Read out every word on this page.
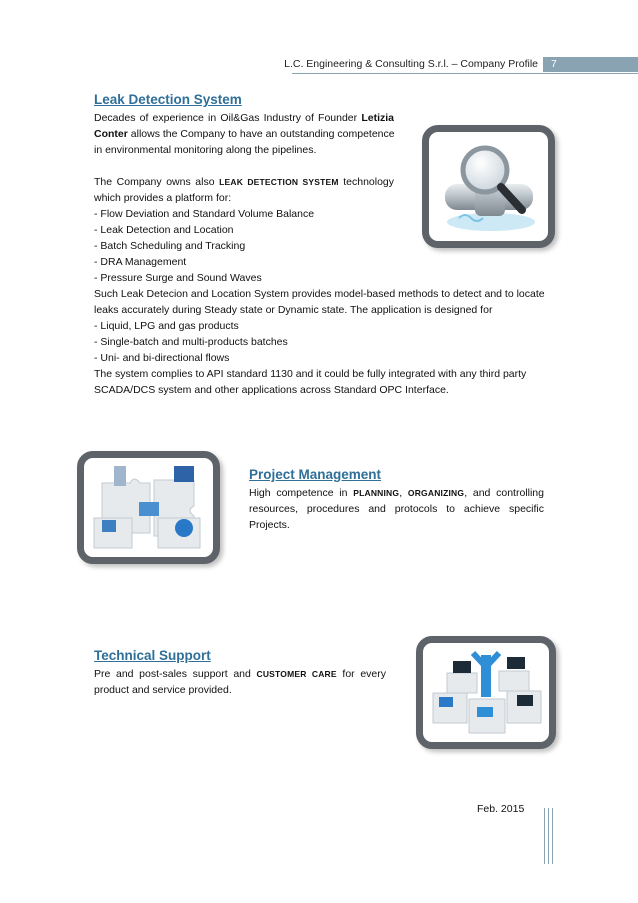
L.C. Engineering & Consulting S.r.l. – Company Profile	7
Leak Detection System
Decades of experience in Oil&Gas Industry of Founder Letizia
Conter allows the Company to have an outstanding competence
in environmental monitoring along the pipelines.
The Company owns also LEAK DETECTION SYSTEM technology
which provides a platform for:
- Flow Deviation and Standard Volume Balance
- Leak Detection and Location
- Batch Scheduling and Tracking
- DRA Management
- Pressure Surge and Sound Waves
Such Leak Detecion and Location System provides model-based methods to detect and to locate
leaks accurately during Steady state or Dynamic state. The application is designed for
- Liquid, LPG and gas products
- Single-batch and multi-products batches
- Uni- and bi-directional flows
The system complies to API standard 1130 and it could be fully integrated with any third party
SCADA/DCS system and other applications across Standard OPC Interface.
Project Management
High competence in PLANNING, ORGANIZING, and controlling
resources, procedures and protocols to achieve specific
Projects.
Technical Support
Pre and post-sales support and CUSTOMER CARE for every
product and service provided.
Feb. 2015
